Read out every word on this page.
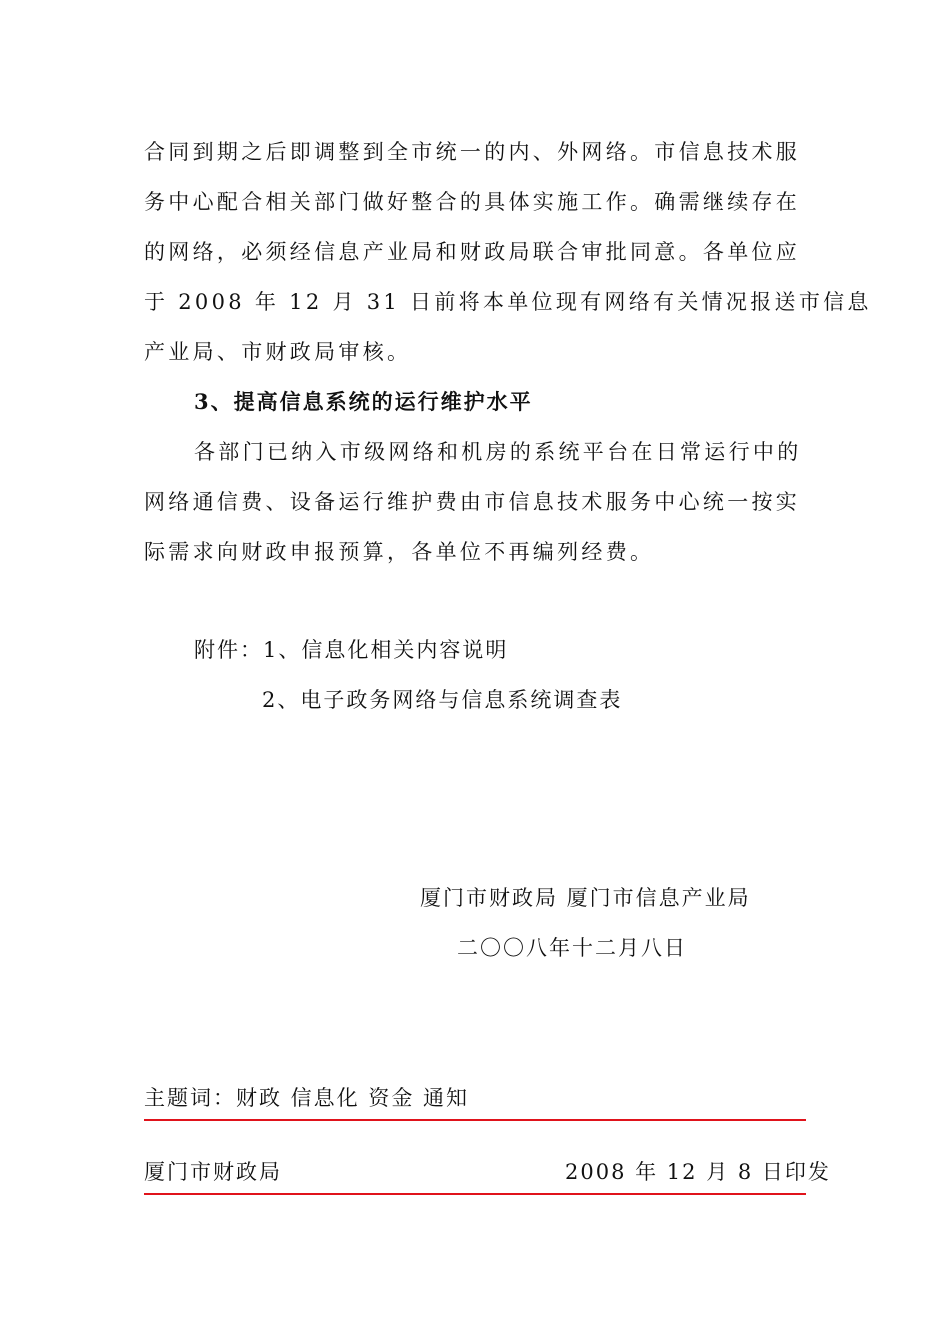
合同到期之后即调整到全市统一的内、外网络。市信息技术服
务中心配合相关部门做好整合的具体实施工作。确需继续存在
的网络，必须经信息产业局和财政局联合审批同意。各单位应
于 2008 年 12 月 31 日前将本单位现有网络有关情况报送市信息
产业局、市财政局审核。
3、提高信息系统的运行维护水平
各部门已纳入市级网络和机房的系统平台在日常运行中的
网络通信费、设备运行维护费由市信息技术服务中心统一按实
际需求向财政申报预算，各单位不再编列经费。
附件：1、信息化相关内容说明
2、电子政务网络与信息系统调查表
厦门市财政局 厦门市信息产业局
二〇〇八年十二月八日
主题词：财政 信息化 资金 通知
厦门市财政局	2008 年 12 月 8 日印发
